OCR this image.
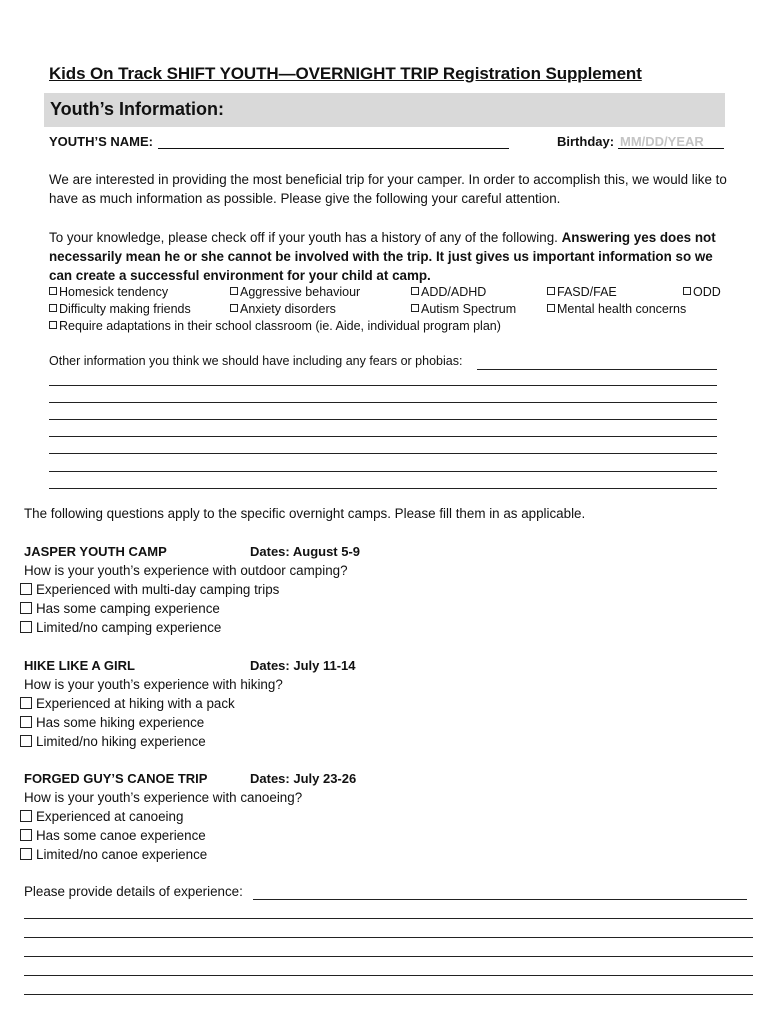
Kids On Track SHIFT YOUTH—OVERNIGHT TRIP Registration Supplement
Youth’s Information:
YOUTH’S NAME:	Birthday: MM/DD/YEAR
We are interested in providing the most beneficial trip for your camper. In order to accomplish this, we would like to have as much information as possible. Please give the following your careful attention.
To your knowledge, please check off if your youth has a history of any of the following. Answering yes does not necessarily mean he or she cannot be involved with the trip. It just gives us important information so we can create a successful environment for your child at camp.
Homesick tendency	Aggressive behaviour	ADD/ADHD	FASD/FAE	ODD
Difficulty making friends	Anxiety disorders	Autism Spectrum	Mental health concerns
Require adaptations in their school classroom (ie. Aide, individual program plan)
Other information you think we should have including any fears or phobias:
The following questions apply to the specific overnight camps. Please fill them in as applicable.
JASPER YOUTH CAMP	Dates: August 5-9
How is your youth’s experience with outdoor camping?
Experienced with multi-day camping trips
Has some camping experience
Limited/no camping experience
HIKE LIKE A GIRL	Dates: July 11-14
How is your youth’s experience with hiking?
Experienced at hiking with a pack
Has some hiking experience
Limited/no hiking experience
FORGED GUY’S CANOE TRIP	Dates: July 23-26
How is your youth’s experience with canoeing?
Experienced at canoeing
Has some canoe experience
Limited/no canoe experience
Please provide details of experience:
